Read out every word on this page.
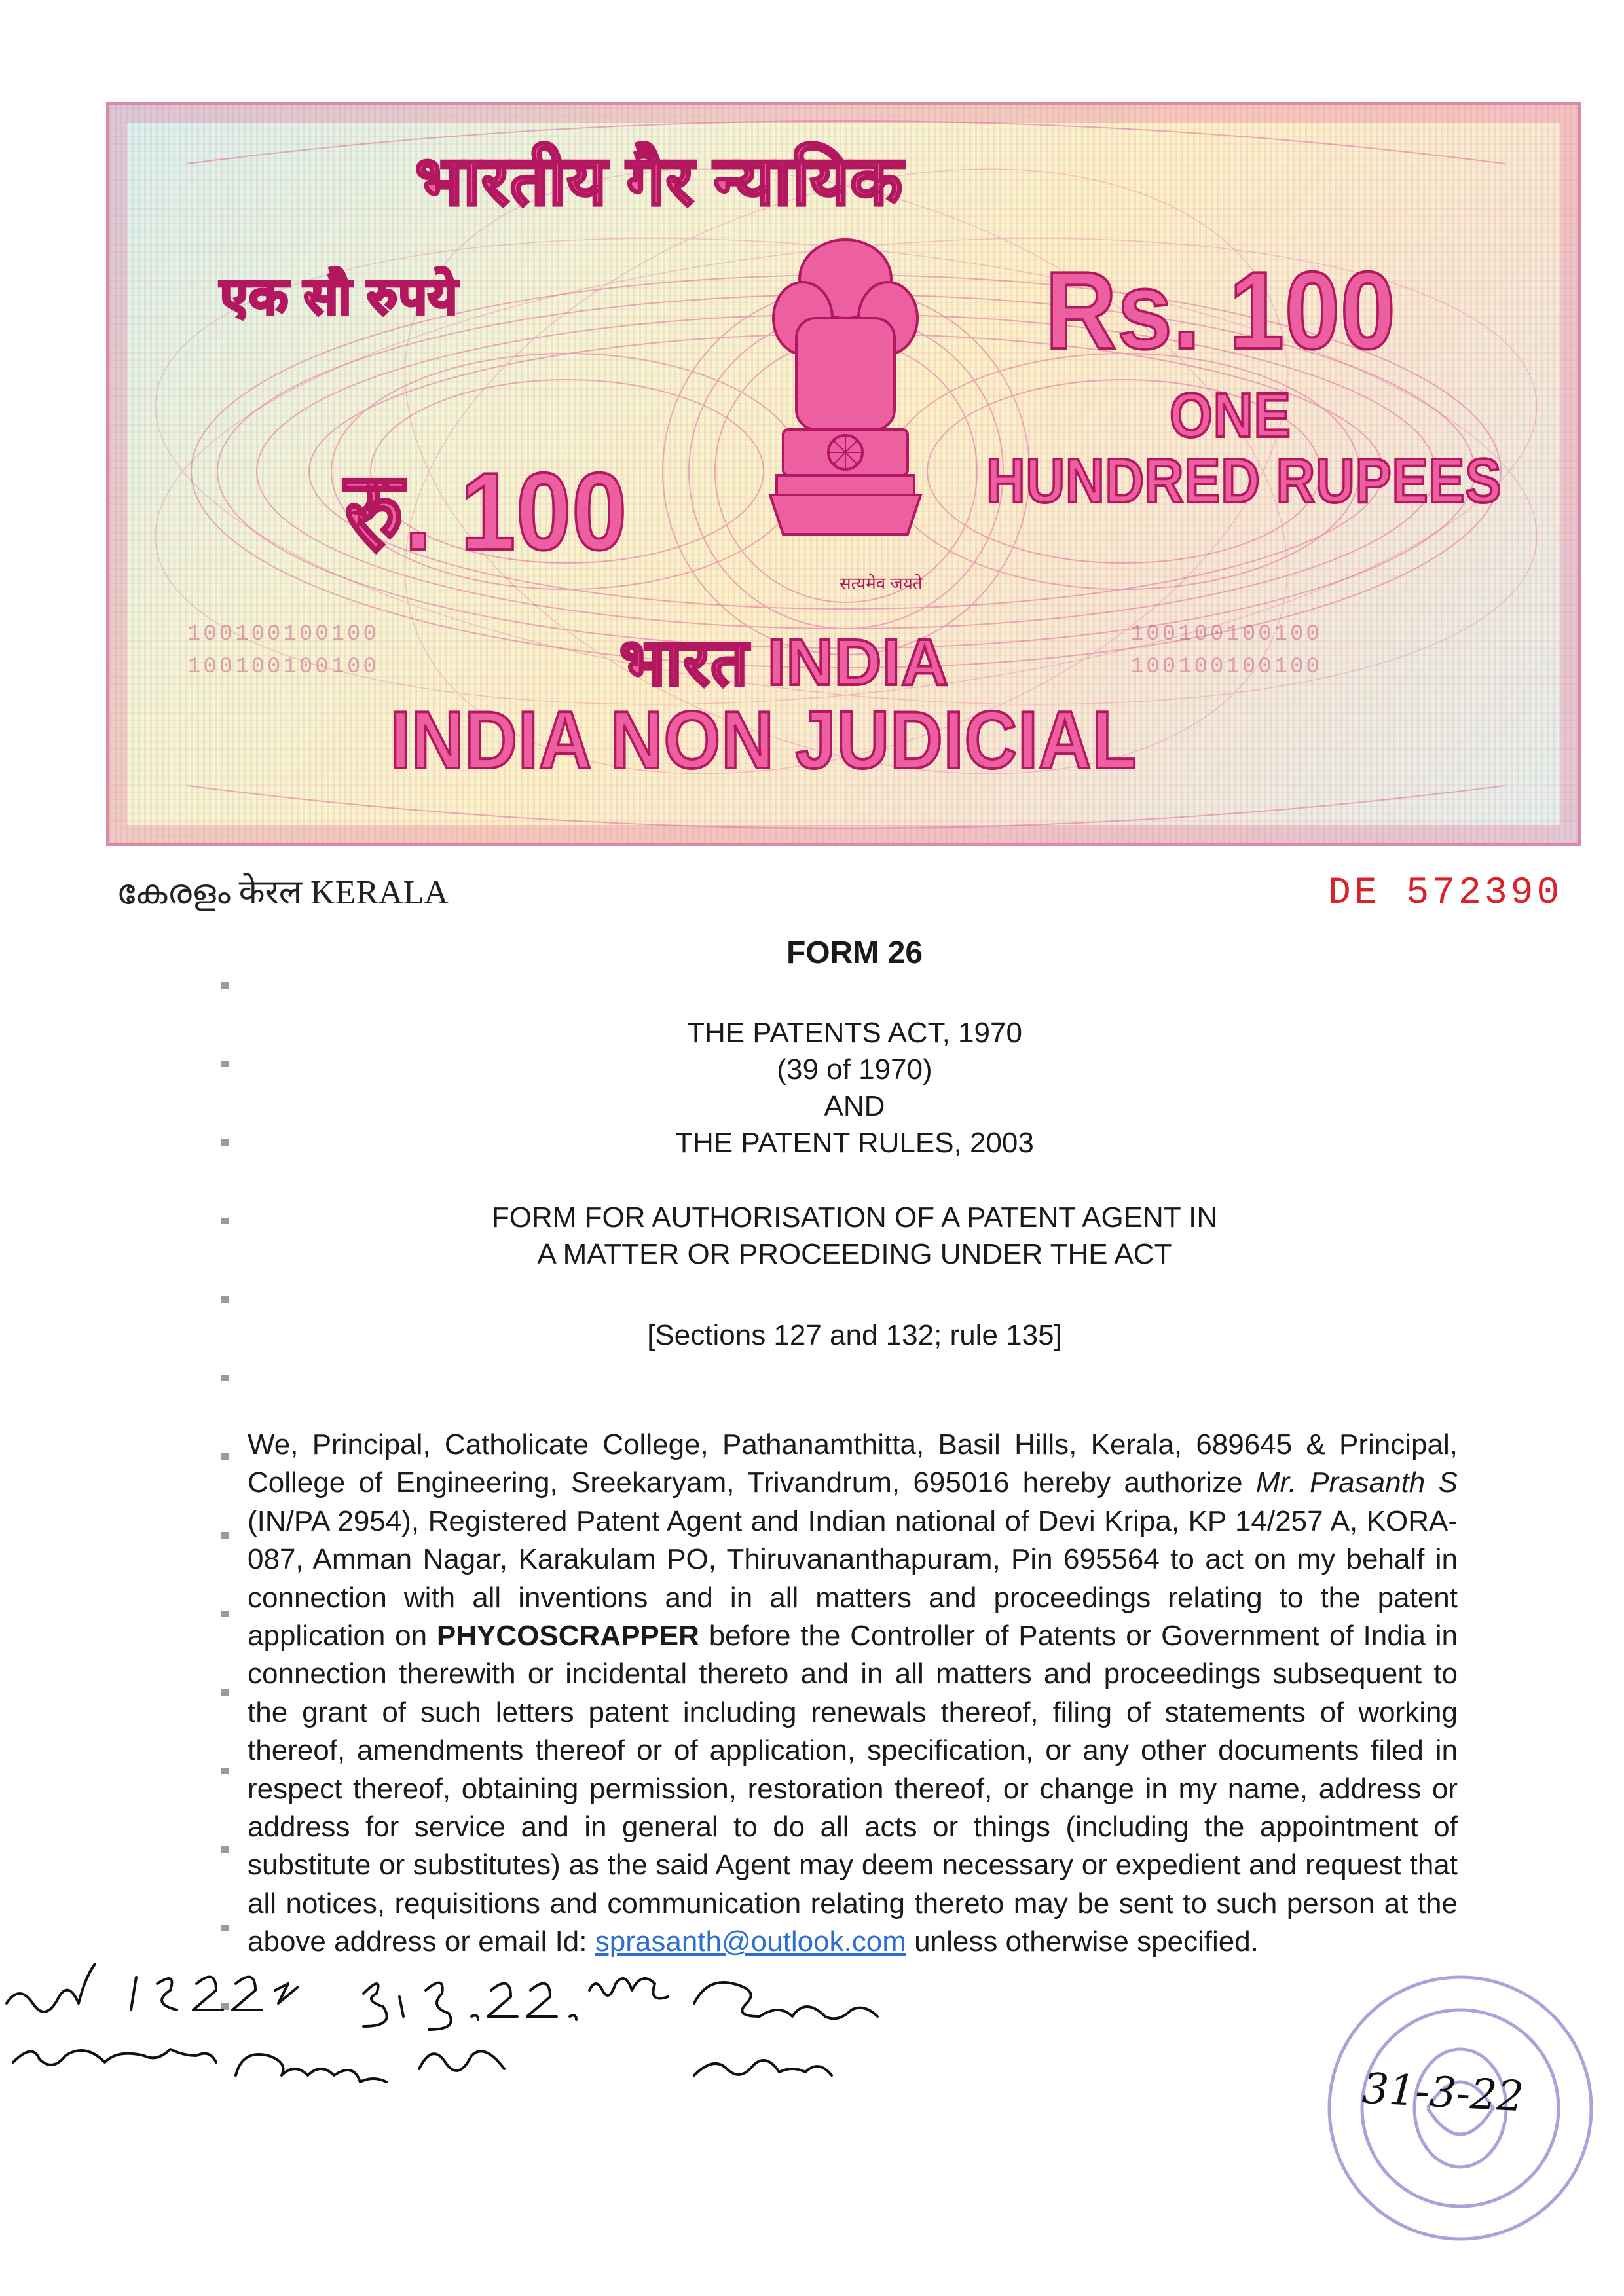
100100100100
100100100100
100100100100
100100100100
भारतीय गैर न्यायिक
एक सौ रुपये	Rs. 100
ONE
HUNDRED RUPEES
रु. 100
सत्यमेव जयते
भारत INDIA
INDIA NON JUDICIAL
കേരളം केरल KERALA	DE 572390
FORM 26
THE PATENTS ACT, 1970
(39 of 1970)
AND
THE PATENT RULES, 2003
FORM FOR AUTHORISATION OF A PATENT AGENT IN
A MATTER OR PROCEEDING UNDER THE ACT
[Sections 127 and 132; rule 135]
We, Principal, Catholicate College, Pathanamthitta, Basil Hills, Kerala, 689645 & Principal, College of Engineering, Sreekaryam, Trivandrum, 695016 hereby authorize Mr. Prasanth S (IN/PA 2954), Registered Patent Agent and Indian national of Devi Kripa, KP 14/257 A, KORA-087, Amman Nagar, Karakulam PO, Thiruvananthapuram, Pin 695564 to act on my behalf in connection with all inventions and in all matters and proceedings relating to the patent application on PHYCOSCRAPPER before the Controller of Patents or Government of India in connection therewith or incidental thereto and in all matters and proceedings subsequent to the grant of such letters patent including renewals thereof, filing of statements of working thereof, amendments thereof or of application, specification, or any other documents filed in respect thereof, obtaining permission, restoration thereof, or change in my name, address or address for service and in general to do all acts or things (including the appointment of substitute or substitutes) as the said Agent may deem necessary or expedient and request that all notices, requisitions and communication relating thereto may be sent to such person at the above address or email Id: sprasanth@outlook.com unless otherwise specified.
31-3-22
